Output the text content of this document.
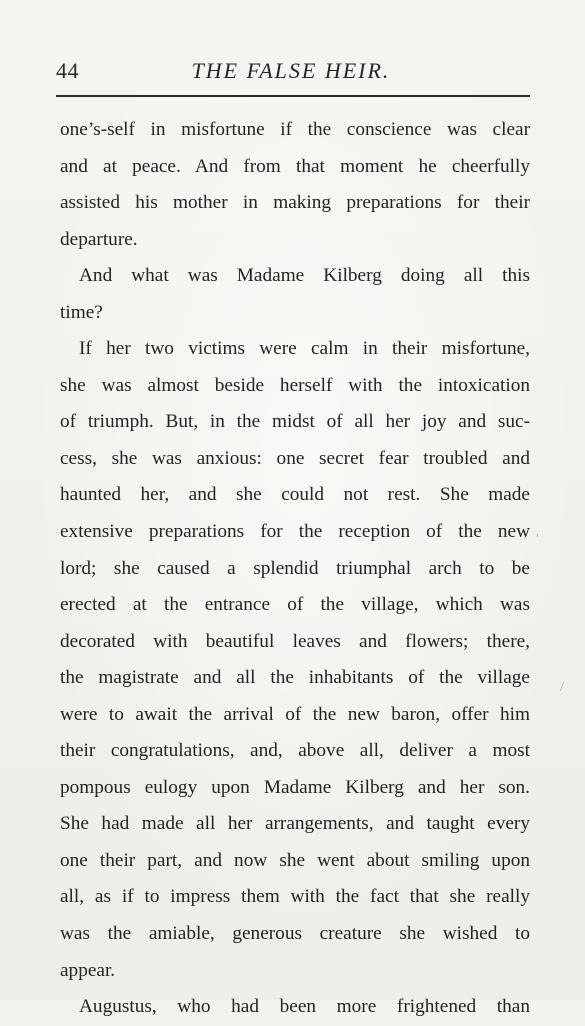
44	THE FALSE HEIR.
one’s-self in misfortune if the conscience was clear
and at peace. And from that moment he cheerfully
assisted his mother in making preparations for their
departure.
And what was Madame Kilberg doing all this
time?
If her two victims were calm in their misfortune,
she was almost beside herself with the intoxication
of triumph. But, in the midst of all her joy and suc-
cess, she was anxious: one secret fear troubled and
haunted her, and she could not rest. She made
extensive preparations for the reception of the new
lord; she caused a splendid triumphal arch to be
erected at the entrance of the village, which was
decorated with beautiful leaves and flowers; there,
the magistrate and all the inhabitants of the village
were to await the arrival of the new baron, offer him
their congratulations, and, above all, deliver a most
pompous eulogy upon Madame Kilberg and her son.
She had made all her arrangements, and taught every
one their part, and now she went about smiling upon
all, as if to impress them with the fact that she really
was the amiable, generous creature she wished to
appear.
Augustus, who had been more frightened than
/
'
